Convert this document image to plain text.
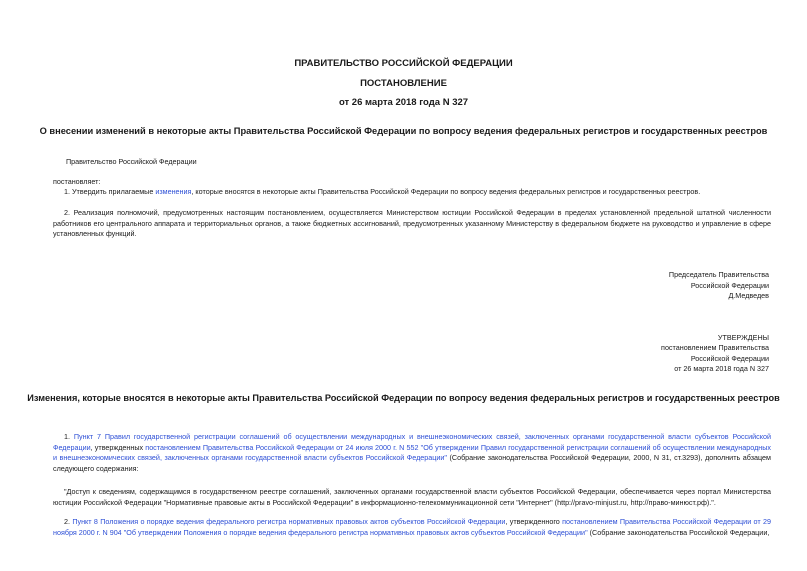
ПРАВИТЕЛЬСТВО РОССИЙСКОЙ ФЕДЕРАЦИИ
ПОСТАНОВЛЕНИЕ
от 26 марта 2018 года N 327
О внесении изменений в некоторые акты Правительства Российской Федерации по вопросу ведения федеральных регистров и государственных реестров
Правительство Российской Федерации
постановляет:
1. Утвердить прилагаемые изменения, которые вносятся в некоторые акты Правительства Российской Федерации по вопросу ведения федеральных регистров и государственных реестров.
2. Реализация полномочий, предусмотренных настоящим постановлением, осуществляется Министерством юстиции Российской Федерации в пределах установленной предельной штатной численности работников его центрального аппарата и территориальных органов, а также бюджетных ассигнований, предусмотренных указанному Министерству в федеральном бюджете на руководство и управление в сфере установленных функций.
Председатель Правительства
Российской Федерации
Д.Медведев
УТВЕРЖДЕНЫ
постановлением Правительства
Российской Федерации
от 26 марта 2018 года N 327
Изменения, которые вносятся в некоторые акты Правительства Российской Федерации по вопросу ведения федеральных регистров и государственных реестров
1. Пункт 7 Правил государственной регистрации соглашений об осуществлении международных и внешнеэкономических связей, заключенных органами государственной власти субъектов Российской Федерации, утвержденных постановлением Правительства Российской Федерации от 24 июля 2000 г. N 552 "Об утверждении Правил государственной регистрации соглашений об осуществлении международных и внешнеэкономических связей, заключенных органами государственной власти субъектов Российской Федерации" (Собрание законодательства Российской Федерации, 2000, N 31, ст.3293), дополнить абзацем следующего содержания:
"Доступ к сведениям, содержащимся в государственном реестре соглашений, заключенных органами государственной власти субъектов Российской Федерации, обеспечивается через портал Министерства юстиции Российской Федерации "Нормативные правовые акты в Российской Федерации" в информационно-телекоммуникационной сети "Интернет" (http://pravo-minjust.ru, http://право-минюст.рф).".
2. Пункт 8 Положения о порядке ведения федерального регистра нормативных правовых актов субъектов Российской Федерации, утвержденного постановлением Правительства Российской Федерации от 29 ноября 2000 г. N 904 "Об утверждении Положения о порядке ведения федерального регистра нормативных правовых актов субъектов Российской Федерации" (Собрание законодательства Российской Федерации,
